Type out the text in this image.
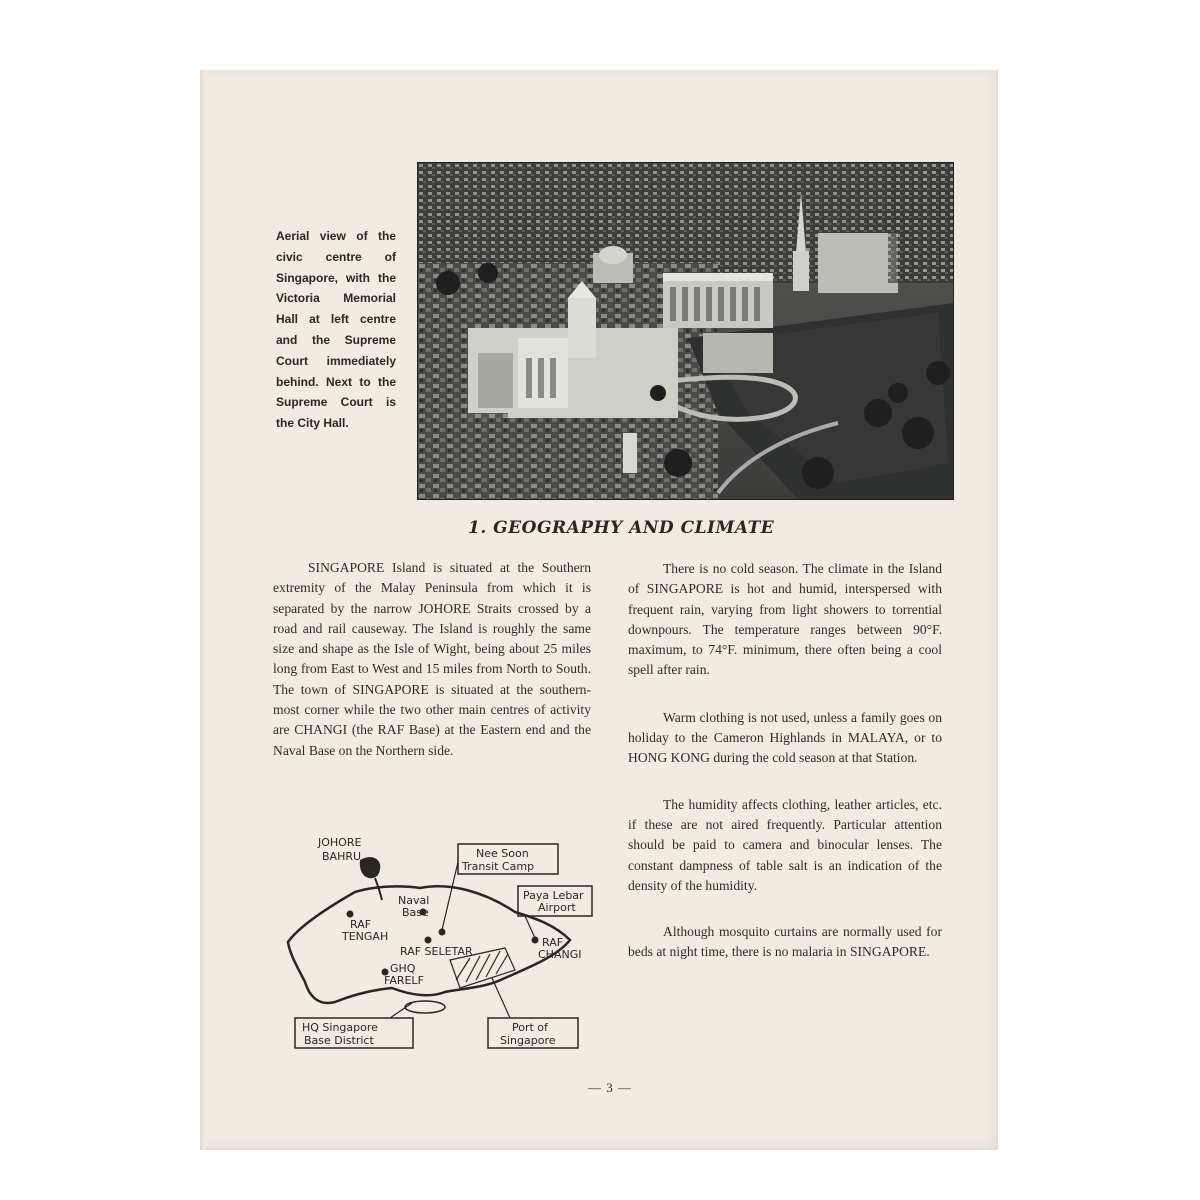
Aerial view of the civic centre of Singapore, with the Victoria Memorial Hall at left centre and the Supreme Court immediately behind. Next to the Supreme Court is the City Hall.
1. GEOGRAPHY AND CLIMATE

SINGAPORE Island is situated at the Southern extremity of the Malay Peninsula from which it is separated by the narrow JOHORE Straits crossed by a road and rail causeway. The Island is roughly the same size and shape as the Isle of Wight, being about 25 miles long from East to West and 15 miles from North to South. The town of SINGAPORE is situated at the southern-most corner while the two other main centres of activity are CHANGI (the RAF Base) at the Eastern end and the Naval Base on the Northern side.

There is no cold season. The climate in the Island of SINGAPORE is hot and humid, interspersed with frequent rain, varying from light showers to torrential downpours. The temperature ranges between 90°F. maximum, to 74°F. minimum, there often being a cool spell after rain.

Warm clothing is not used, unless a family goes on holiday to the Cameron Highlands in MALAYA, or to HONG KONG during the cold season at that Station.

The humidity affects clothing, leather articles, etc. if these are not aired frequently. Particular attention should be paid to camera and binocular lenses. The constant dampness of table salt is an indication of the density of the humidity.

Although mosquito curtains are normally used for beds at night time, there is no malaria in SINGAPORE.

JOHORE
BAHRU	Nee Soon
Transit Camp
Naval
Base
Paya Lebar
Airport
RAF
TENGAH
RAF SELETAR
RAF
CHANGI
GHQ
FARELF
HQ Singapore
Base District
Port of
Singapore
— 3 —
